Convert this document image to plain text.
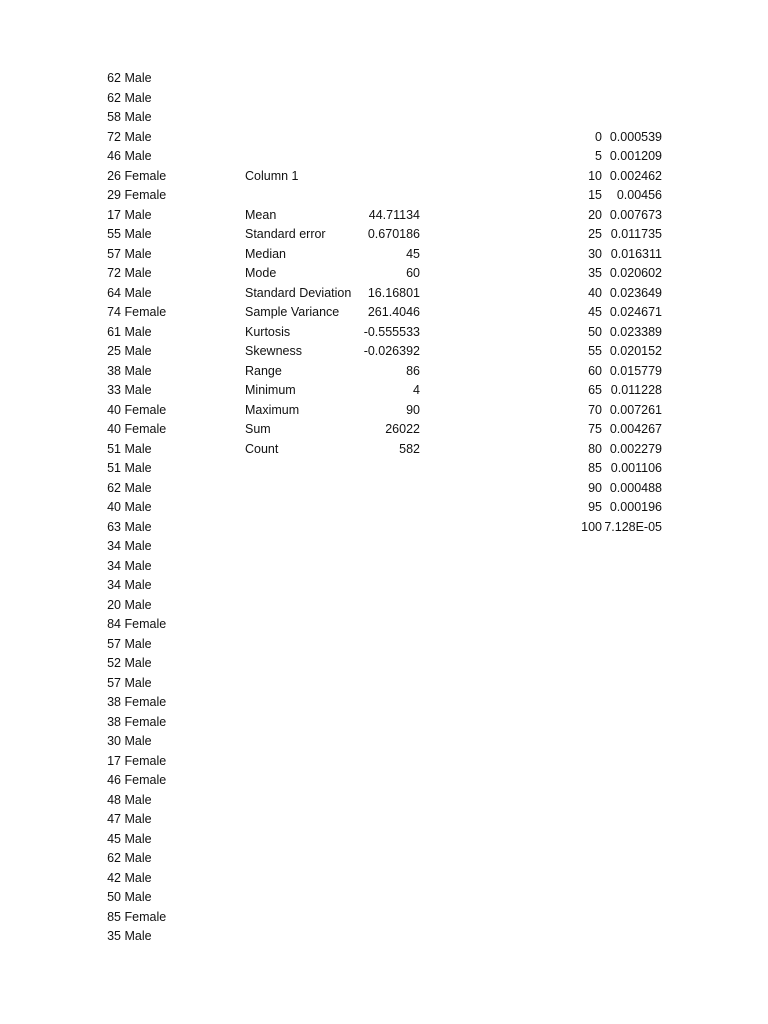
62 Male
62 Male
58 Male
72 Male
46 Male
26 Female
29 Female
17 Male
55 Male
57 Male
72 Male
64 Male
74 Female
61 Male
25 Male
38 Male
33 Male
40 Female
40 Female
51 Male
51 Male
62 Male
40 Male
63 Male
34 Male
34 Male
34 Male
20 Male
84 Female
57 Male
52 Male
57 Male
38 Female
38 Female
30 Male
17 Female
46 Female
48 Male
47 Male
45 Male
62 Male
42 Male
50 Male
85 Female
35 Male
Column 1
Mean	44.71134
Standard error	0.670186
Median	45
Mode	60
Standard Deviation	16.16801
Sample Variance	261.4046
Kurtosis	-0.555533
Skewness	-0.026392
Range	86
Minimum	4
Maximum	90
Sum	26022
Count	582
0 0.000539
5 0.001209
10 0.002462
15	0.00456
20 0.007673
25 0.011735
30 0.016311
35 0.020602
40 0.023649
45 0.024671
50 0.023389
55 0.020152
60 0.015779
65 0.011228
70 0.007261
75 0.004267
80 0.002279
85 0.001106
90 0.000488
95 0.000196
100 7.128E-05
